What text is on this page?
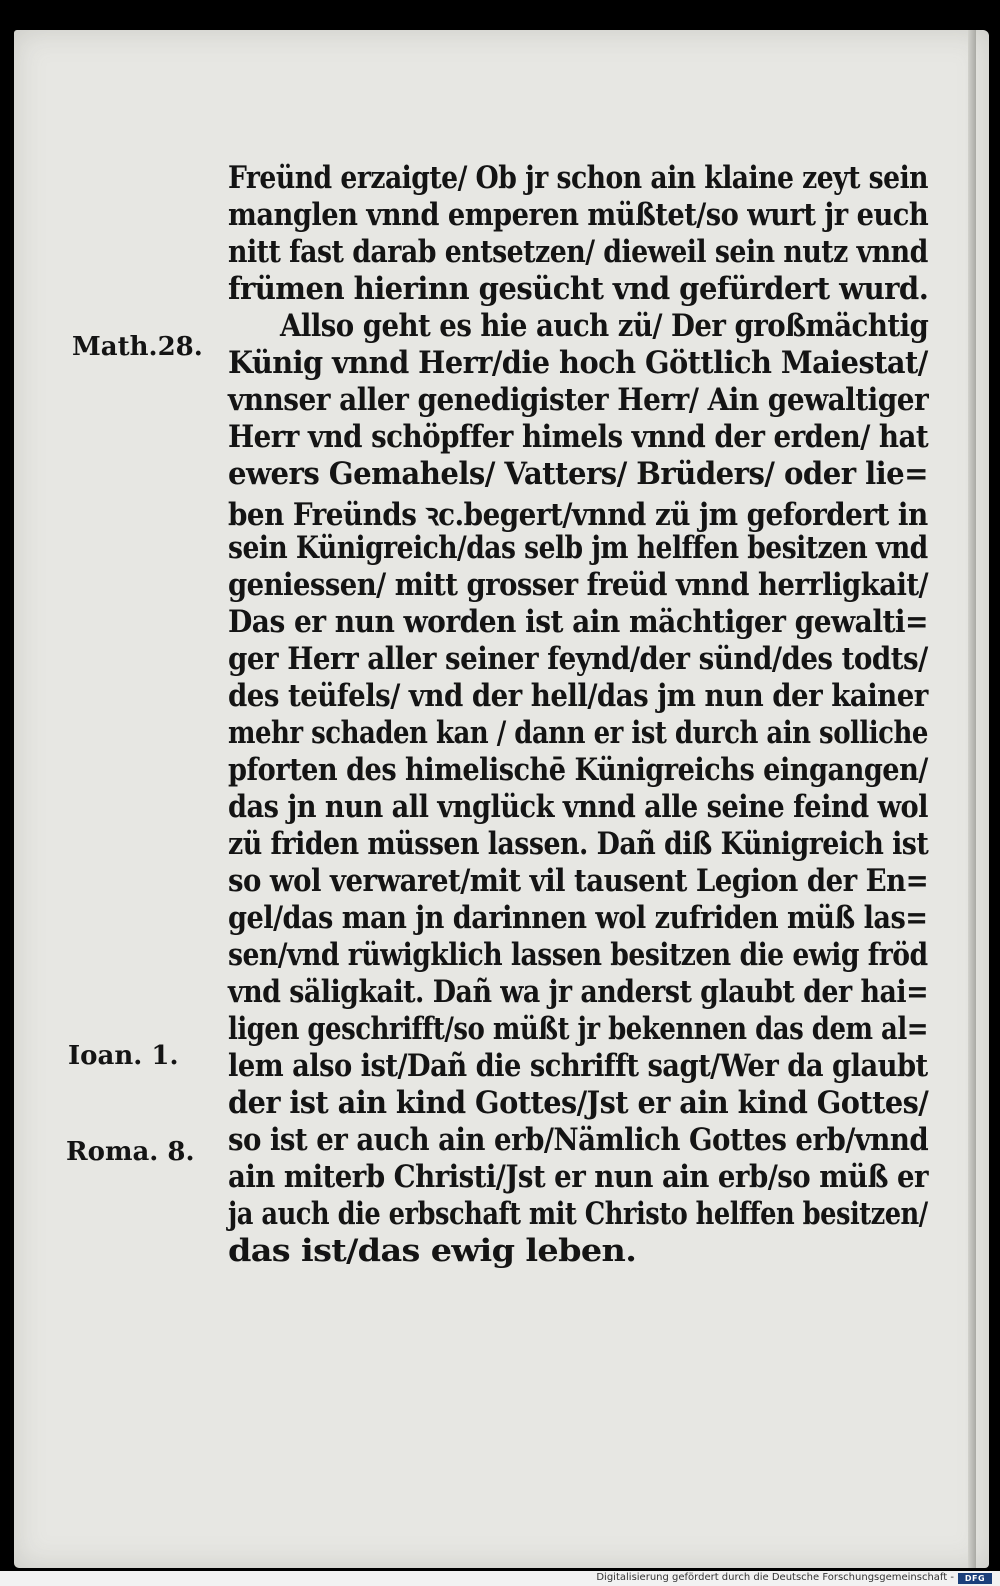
Math.28.
Ioan. 1.
Roma. 8.
Freünd erzaigte/ Ob jr schon ain klaine zeyt sein
manglen vnnd emperen müßtet/so wurt jr euch
nitt fast darab entsetzen/ dieweil sein nutz vnnd
frümen hierinn gesücht vnd gefürdert wurd.
Allso geht es hie auch zü/ Der großmächtig
Künig vnnd Herr/die hoch Göttlich Maiestat/
vnnser aller genedigister Herr/ Ain gewaltiger
Herr vnd schöpffer himels vnnd der erden/ hat
ewers Gemahels/ Vatters/ Brüders/ oder lie=
ben Freünds ꝛc.begert/vnnd zü jm gefordert in
sein Künigreich/das selb jm helffen besitzen vnd
geniessen/ mitt grosser freüd vnnd herrligkait/
Das er nun worden ist ain mächtiger gewalti=
ger Herr aller seiner feynd/der sünd/des todts/
des teüfels/ vnd der hell/das jm nun der kainer
mehr schaden kan / dann er ist durch ain solliche
pforten des himelischē Künigreichs eingangen/
das jn nun all vnglück vnnd alle seine feind wol
zü friden müssen lassen. Dañ diß Künigreich ist
so wol verwaret/mit vil tausent Legion der En=
gel/das man jn darinnen wol zufriden müß las=
sen/vnd rüwigklich lassen besitzen die ewig fröd
vnd säligkait. Dañ wa jr anderst glaubt der hai=
ligen geschrifft/so müßt jr bekennen das dem al=
lem also ist/Dañ die schrifft sagt/Wer da glaubt
der ist ain kind Gottes/Jst er ain kind Gottes/
so ist er auch ain erb/Nämlich Gottes erb/vnnd
ain miterb Christi/Jst er nun ain erb/so müß er
ja auch die erbschaft mit Christo helffen besitzen/
das ist/das ewig leben.
Digitalisierung gefördert durch die Deutsche Forschungsgemeinschaft -	DFG
